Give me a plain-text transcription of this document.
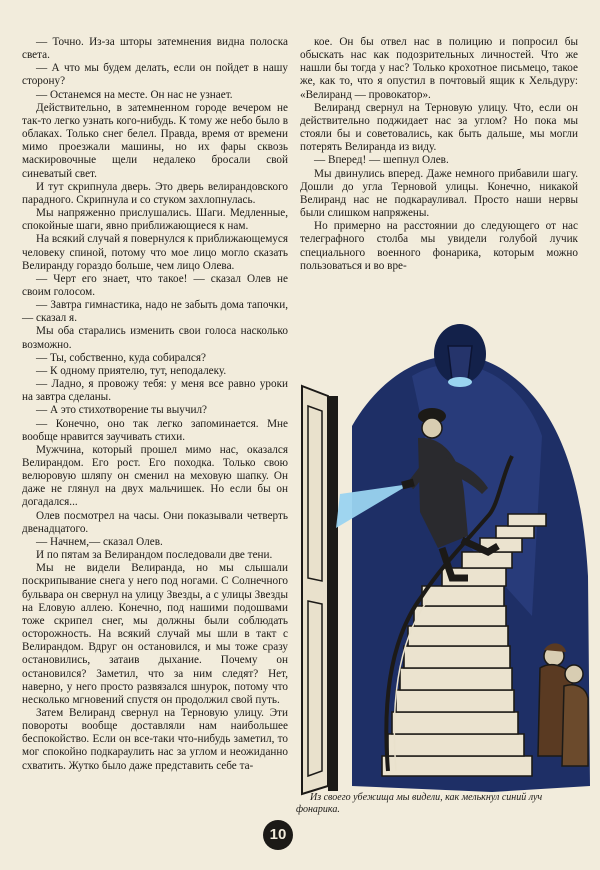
— Точно. Из-за шторы затемнения видна полоска света.

— А что мы будем делать, если он пойдет в нашу сторону?

— Останемся на месте. Он нас не узнает.

Действительно, в затемненном городе вечером не так-то легко узнать кого-нибудь. К тому же небо было в облаках. Только снег белел. Правда, время от времени мимо проезжали машины, но их фары сквозь маскировочные щели недалеко бросали свой синеватый свет.

И тут скрипнула дверь. Это дверь велирандовского парадного. Скрипнула и со стуком захлопнулась.

Мы напряженно прислушались. Шаги. Медленные, спокойные шаги, явно приближающиеся к нам.

На всякий случай я повернулся к приближающемуся человеку спиной, потому что мое лицо могло сказать Велиранду гораздо больше, чем лицо Олева.

— Черт его знает, что такое! — сказал Олев не своим голосом.

— Завтра гимнастика, надо не забыть дома тапочки,— сказал я.

Мы оба старались изменить свои голоса насколько возможно.

— Ты, собственно, куда собирался?

— К одному приятелю, тут, неподалеку.

— Ладно, я провожу тебя: у меня все равно уроки на завтра сделаны.

— А это стихотворение ты выучил?

— Конечно, оно так легко запоминается. Мне вообще нравится заучивать стихи.

Мужчина, который прошел мимо нас, оказался Велирандом. Его рост. Его походка. Только свою велюровую шляпу он сменил на меховую шапку. Он даже не глянул на двух мальчишек. Но если бы он догадался...

Олев посмотрел на часы. Они показывали четверть двенадцатого.

— Начнем,— сказал Олев.

И по пятам за Велирандом последовали две тени.

Мы не видели Велиранда, но мы слышали поскрипывание снега у него под ногами. С Солнечного бульвара он свернул на улицу Звезды, а с улицы Звезды на Еловую аллею. Конечно, под нашими подошвами тоже скрипел снег, мы должны были соблюдать осторожность. На всякий случай мы шли в такт с Велирандом. Вдруг он остановился, и мы тоже сразу остановились, затаив дыхание. Почему он остановился? Заметил, что за ним следят? Нет, наверно, у него просто развязался шнурок, потому что несколько мгновений спустя он продолжил свой путь.

Затем Велиранд свернул на Терновую улицу. Эти повороты вообще доставляли нам наибольшее беспокойство. Если он все-таки что-нибудь заметил, то мог спокойно подкараулить нас за углом и неожиданно схватить. Жутко было даже представить себе та-

кое. Он бы отвел нас в полицию и попросил бы обыскать нас как подозрительных личностей. Что же нашли бы тогда у нас? Только крохотное письмецо, такое же, как то, что я опустил в почтовый ящик к Хельдуру: «Велиранд — провокатор».

Велиранд свернул на Терновую улицу. Что, если он действительно поджидает нас за углом? Но пока мы стояли бы и советовались, как быть дальше, мы могли потерять Велиранда из виду.

— Вперед! — шепнул Олев.

Мы двинулись вперед. Даже немного прибавили шагу. Дошли до угла Терновой улицы. Конечно, никакой Велиранд нас не подкарауливал. Просто наши нервы были слишком напряжены.

Но примерно на расстоянии до следующего от нас телеграфного столба мы увидели голубой лучик специального военного фонарика, которым можно пользоваться и во вре-

Из своего убежища мы видели, как мелькнул синий луч фонарика.
10
